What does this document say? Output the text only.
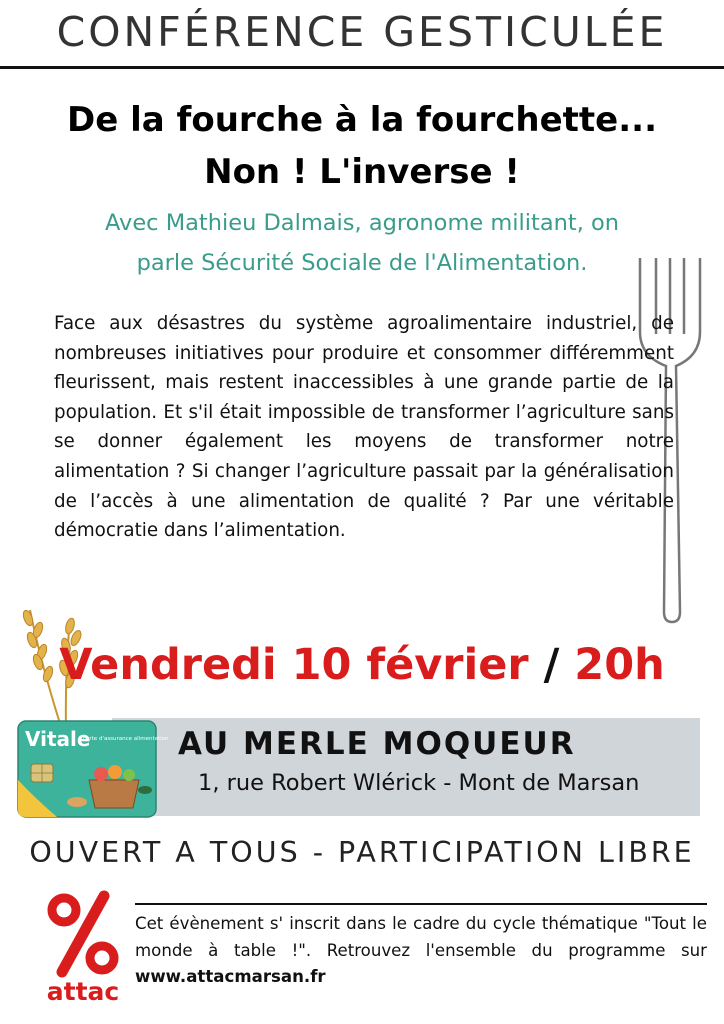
CONFÉRENCE GESTICULÉE
De la fourche à la fourchette...
Non ! L'inverse !
Avec Mathieu Dalmais, agronome militant, on
parle Sécurité Sociale de l'Alimentation.
Face aux désastres du système agroalimentaire industriel, de nombreuses initiatives pour produire et consommer différemment fleurissent, mais restent inaccessibles à une grande partie de la population. Et s'il était impossible de transformer l’agriculture sans se donner également les moyens de transformer notre alimentation ? Si changer l’agriculture passait par la généralisation de l’accès à une alimentation de qualité ? Par une véritable démocratie dans l’alimentation.
Vendredi 10 février / 20h
AU MERLE MOQUEUR
1, rue Robert Wlérick - Mont de Marsan
Vitale
carte d'assurance alimentation
OUVERT A TOUS - PARTICIPATION LIBRE
attac
Cet évènement s' inscrit dans le cadre du cycle thématique "Tout le monde à table !". Retrouvez l'ensemble du programme sur www.attacmarsan.fr
